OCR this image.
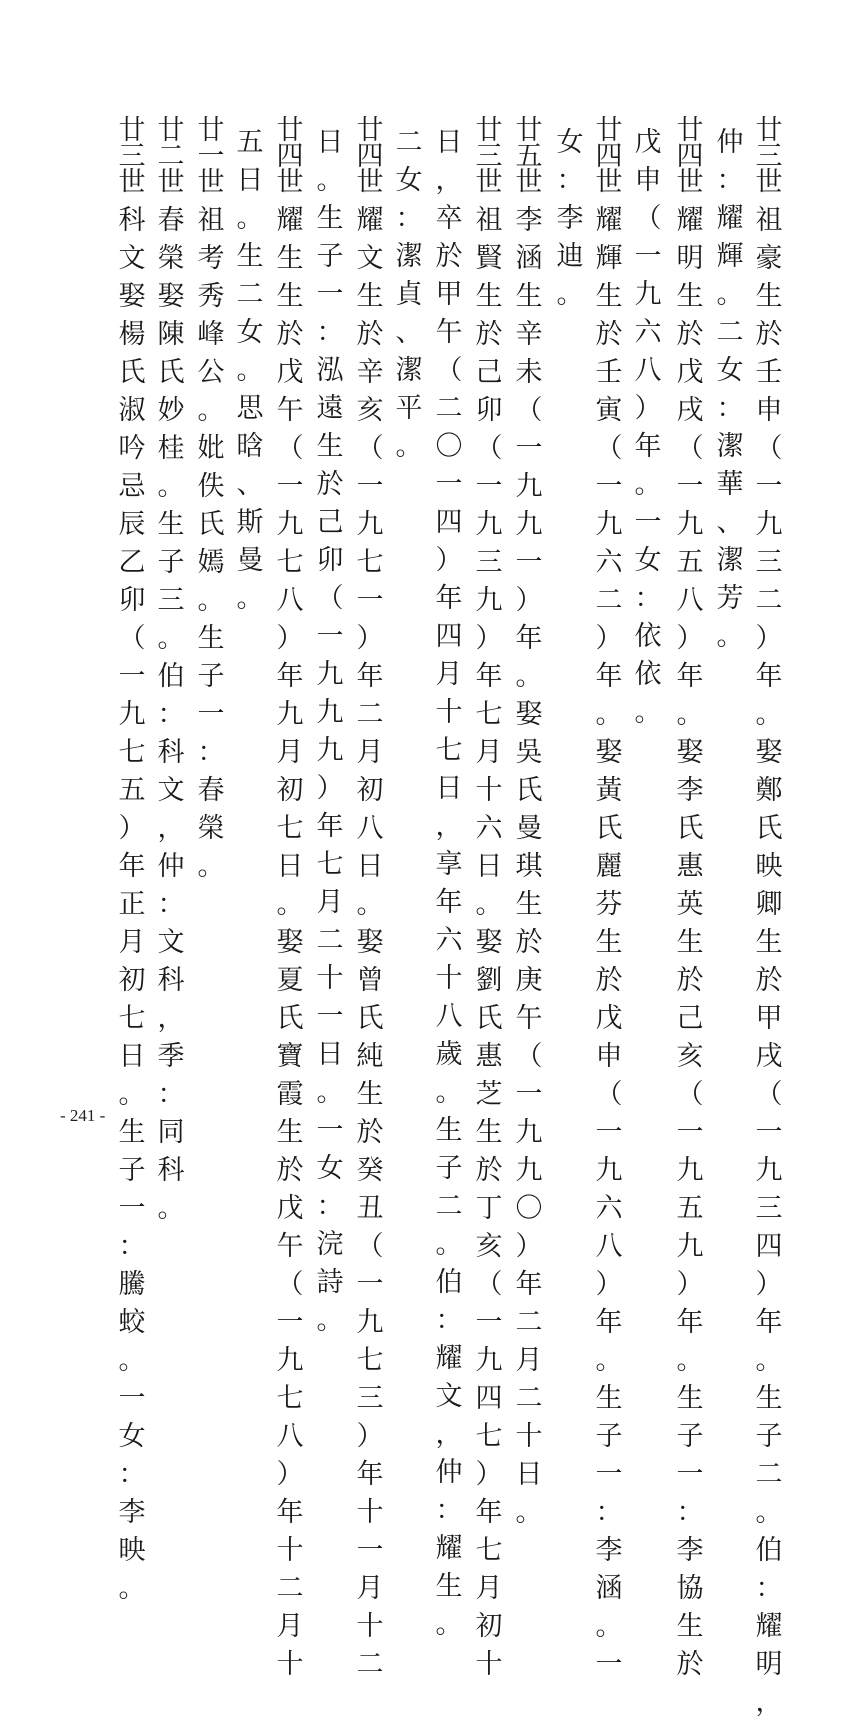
廿
三
世
祖
豪
生
於
壬
申
（
一
九
三
二
）
年
。
娶
鄭
氏
映
卿
生
於
甲
戌
（
一
九
三
四
）
年
。
生
子
二
。
伯
：
耀
明
，
仲
：
耀
輝
。
二
女
：
潔
華
、
潔
芳
。
廿
四
世
耀
明
生
於
戊
戌
（
一
九
五
八
）
年
。
娶
李
氏
惠
英
生
於
己
亥
（
一
九
五
九
）
年
。
生
子
一
：
李
協
生
於
戊
申
（
一
九
六
八
）
年
。
一
女
：
依
依
。
廿
四
世
耀
輝
生
於
壬
寅
（
一
九
六
二
）
年
。
娶
黃
氏
麗
芬
生
於
戊
申
（
一
九
六
八
）
年
。
生
子
一
：
李
涵
。
一
女
：
李
迪
。
廿
五
世
李
涵
生
辛
未
（
一
九
九
一
）
年
。
娶
吳
氏
曼
琪
生
於
庚
午
（
一
九
九
〇
）
年
二
月
二
十
日
。
廿
三
世
祖
賢
生
於
己
卯
（
一
九
三
九
）
年
七
月
十
六
日
。
娶
劉
氏
惠
芝
生
於
丁
亥
（
一
九
四
七
）
年
七
月
初
十
日
，
卒
於
甲
午
（
二
〇
一
四
）
年
四
月
十
七
日
，
享
年
六
十
八
歲
。
生
子
二
。
伯
：
耀
文
，
仲
：
耀
生
。
二
女
：
潔
貞
、
潔
平
。
廿
四
世
耀
文
生
於
辛
亥
（
一
九
七
一
）
年
二
月
初
八
日
。
娶
曾
氏
純
生
於
癸
丑
（
一
九
七
三
）
年
十
一
月
十
二
日
。
生
子
一
：
泓
遠
生
於
己
卯
（
一
九
九
九
）
年
七
月
二
十
一
日
。
一
女
：
浣
詩
。
廿
四
世
耀
生
生
於
戊
午
（
一
九
七
八
）
年
九
月
初
七
日
。
娶
夏
氏
寶
霞
生
於
戊
午
（
一
九
七
八
）
年
十
二
月
十
五
日
。
生
二
女
。
思
晗
、
斯
曼
。
廿
一
世
祖
考
秀
峰
公
。
妣
佚
氏
嫣
。
生
子
一
：
春
榮
。
廿
二
世
春
榮
娶
陳
氏
妙
桂
。
生
子
三
。
伯
：
科
文
，
仲
：
文
科
，
季
：
同
科
。
廿
三
世
科
文
娶
楊
氏
淑
吟
忌
辰
乙
卯
（
一
九
七
五
）
年
正
月
初
七
日
。
生
子
一
：
騰
蛟
。
一
女
：
李
映
。
- 241 -
